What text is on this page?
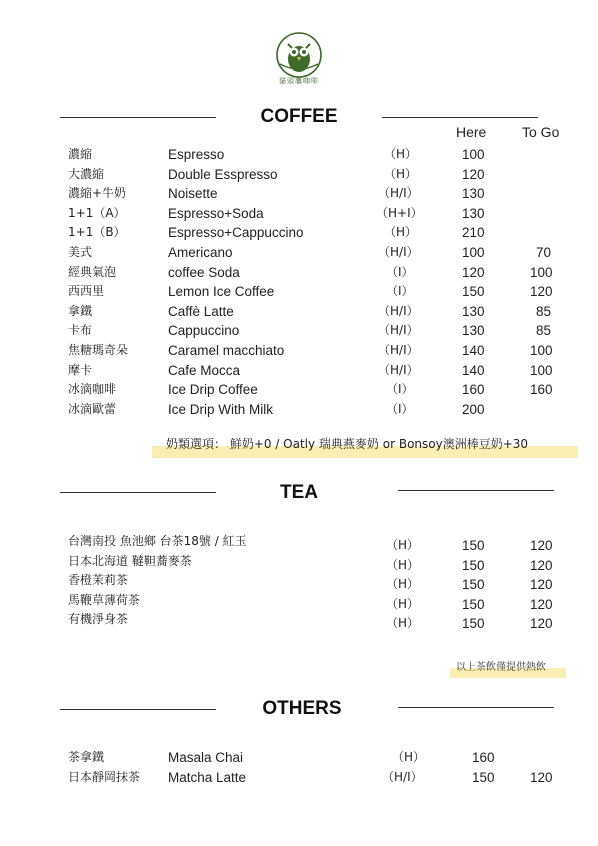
貓頭鷹咖啡
COFFEE
Here	To Go
濃縮	Espresso	（H）	100
大濃縮	Double Esspresso	（H）	120
濃縮+牛奶	Noisette	（H/I）	130
1+1（A）	Espresso+Soda	（H+I）	130
1+1（B）	Espresso+Cappuccino	（H）	210
美式	Americano	（H/I）	100	70
經典氣泡	coffee Soda	（I）	120	100
西西里	Lemon Ice Coffee	（I）	150	120
拿鐵	Caffè Latte	（H/I）	130	85
卡布	Cappuccino	（H/I）	130	85
焦糖瑪奇朵	Caramel macchiato	（H/I）	140	100
摩卡	Cafe Mocca	（H/I）	140	100
冰滴咖啡	Ice Drip Coffee	（I）	160	160
冰滴歐蕾	Ice Drip With Milk	（I）	200
奶類選項： 鮮奶+0 / Oatly 瑞典燕麥奶 or Bonsoy澳洲棒豆奶+30
TEA
台灣南投 魚池鄉 台茶18號 / 紅玉	（H）	150	120
日本北海道 韃靼蕎麥茶	（H）	150	120
香橙茉莉茶	（H）	150	120
馬鞭草薄荷茶	（H）	150	120
有機淨身茶	（H）	150	120
以上茶飲僅提供熱飲
OTHERS
茶拿鐵	Masala Chai	（H）	160
日本靜岡抹茶 Matcha Latte	（H/I）	150	120
